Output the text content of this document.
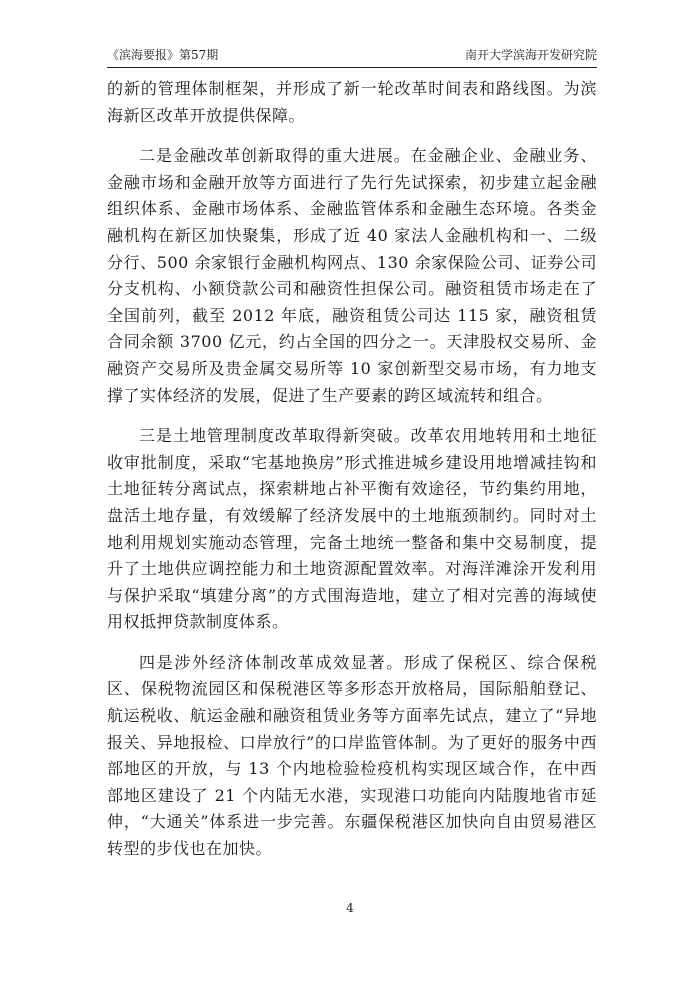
《滨海要报》第57期	南开大学滨海开发研究院

的新的管理体制框架，并形成了新一轮改革时间表和路线图。为滨海新区改革开放提供保障。

二是金融改革创新取得的重大进展。在金融企业、金融业务、金融市场和金融开放等方面进行了先行先试探索，初步建立起金融组织体系、金融市场体系、金融监管体系和金融生态环境。各类金融机构在新区加快聚集，形成了近 40 家法人金融机构和一、二级分行、500 余家银行金融机构网点、130 余家保险公司、证券公司分支机构、小额贷款公司和融资性担保公司。融资租赁市场走在了全国前列，截至 2012 年底，融资租赁公司达 115 家，融资租赁合同余额 3700 亿元，约占全国的四分之一。天津股权交易所、金融资产交易所及贵金属交易所等 10 家创新型交易市场，有力地支撑了实体经济的发展，促进了生产要素的跨区域流转和组合。

三是土地管理制度改革取得新突破。改革农用地转用和土地征收审批制度，采取“宅基地换房”形式推进城乡建设用地增减挂钩和土地征转分离试点，探索耕地占补平衡有效途径，节约集约用地，盘活土地存量，有效缓解了经济发展中的土地瓶颈制约。同时对土地利用规划实施动态管理，完备土地统一整备和集中交易制度，提升了土地供应调控能力和土地资源配置效率。对海洋滩涂开发利用与保护采取“填建分离”的方式围海造地，建立了相对完善的海域使用权抵押贷款制度体系。

四是涉外经济体制改革成效显著。形成了保税区、综合保税区、保税物流园区和保税港区等多形态开放格局，国际船舶登记、航运税收、航运金融和融资租赁业务等方面率先试点，建立了“异地报关、异地报检、口岸放行”的口岸监管体制。为了更好的服务中西部地区的开放，与 13 个内地检验检疫机构实现区域合作，在中西部地区建设了 21 个内陆无水港，实现港口功能向内陆腹地省市延伸，“大通关”体系进一步完善。东疆保税港区加快向自由贸易港区转型的步伐也在加快。

4
